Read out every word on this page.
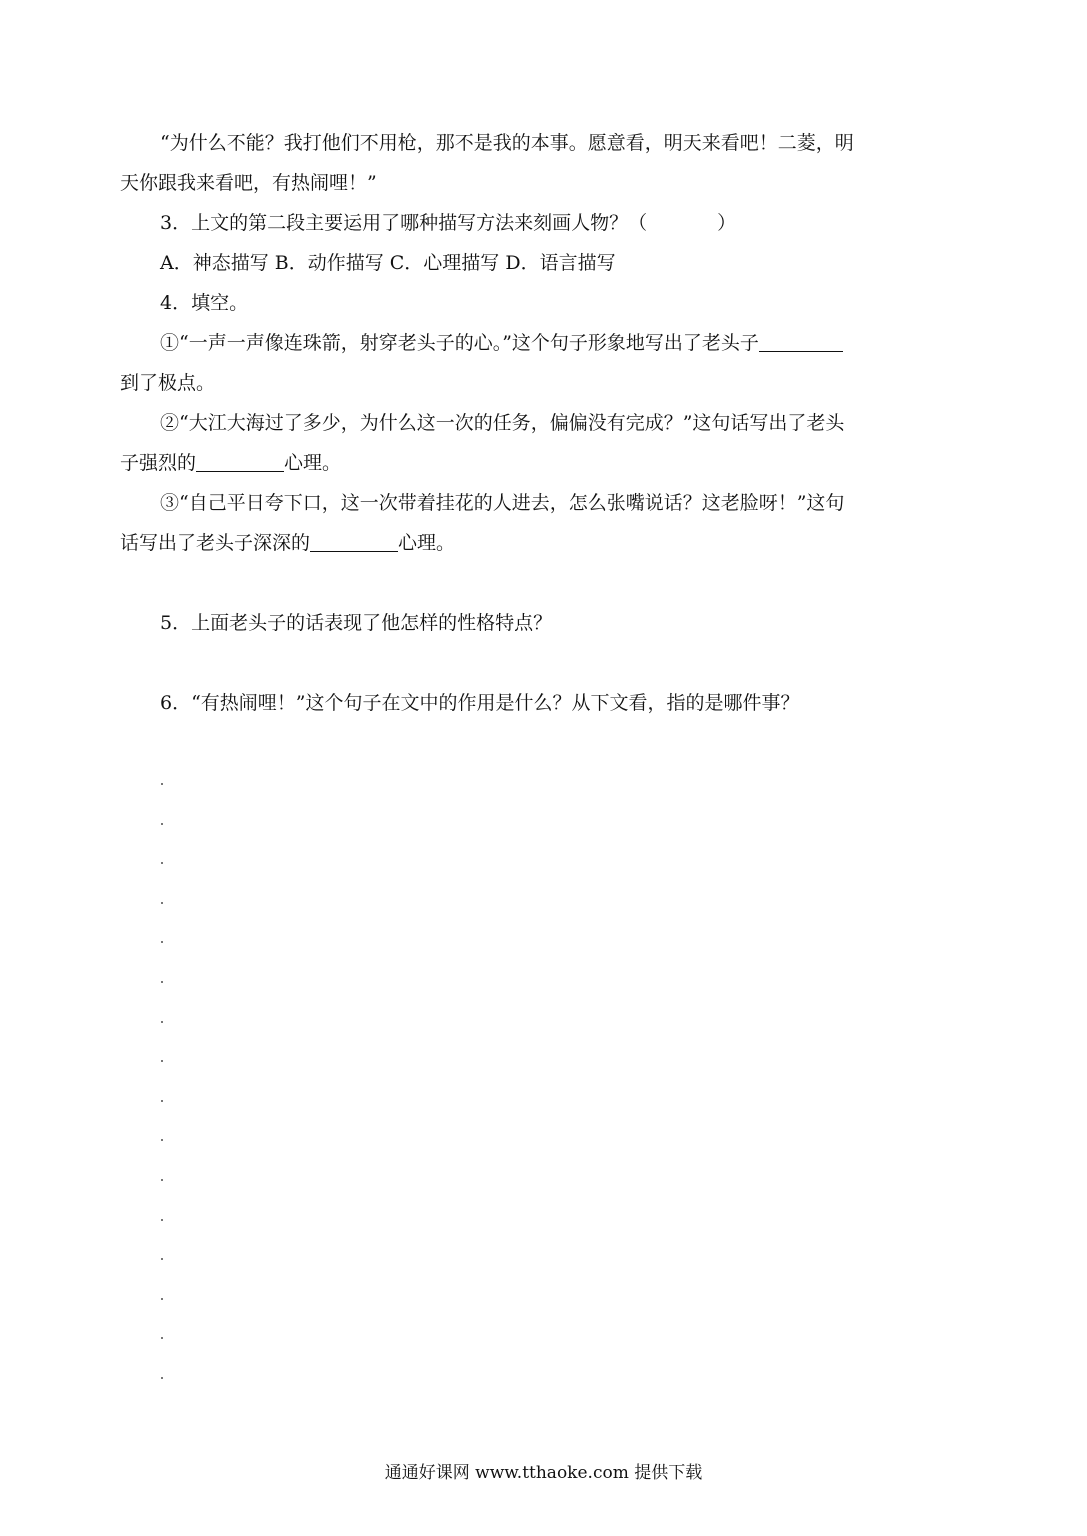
“为什么不能？我打他们不用枪，那不是我的本事。愿意看，明天来看吧！二菱，明
天你跟我来看吧，有热闹哩！”
3．上文的第二段主要运用了哪种描写方法来刻画人物？（	）
A．神态描写 B．动作描写 C．心理描写 D．语言描写
4．填空。
①“一声一声像连珠箭，射穿老头子的心。”这个句子形象地写出了老头子
到了极点。
②“大江大海过了多少，为什么这一次的任务，偏偏没有完成？”这句话写出了老头
子强烈的	心理。
③“自己平日夸下口，这一次带着挂花的人进去，怎么张嘴说话？这老脸呀！”这句
话写出了老头子深深的	心理。
5．上面老头子的话表现了他怎样的性格特点？
6．“有热闹哩！”这个句子在文中的作用是什么？从下文看，指的是哪件事？
通通好课网 www.tthaoke.com 提供下载
